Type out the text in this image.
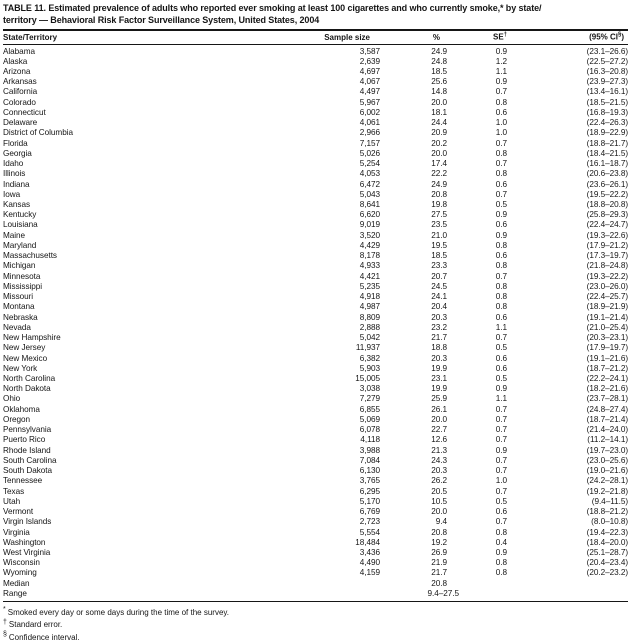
TABLE 11. Estimated prevalence of adults who reported ever smoking at least 100 cigarettes and who currently smoke,* by state/
territory — Behavioral Risk Factor Surveillance System, United States, 2004
State/Territory	Sample size	%	SE†	(95% CI§)
Alabama	3,587	24.9	0.9	(23.1–26.6)
Alaska	2,639	24.8	1.2	(22.5–27.2)
Arizona	4,697	18.5	1.1	(16.3–20.8)
Arkansas	4,067	25.6	0.9	(23.9–27.3)
California	4,497	14.8	0.7	(13.4–16.1)
Colorado	5,967	20.0	0.8	(18.5–21.5)
Connecticut	6,002	18.1	0.6	(16.8–19.3)
Delaware	4,061	24.4	1.0	(22.4–26.3)
District of Columbia	2,966	20.9	1.0	(18.9–22.9)
Florida	7,157	20.2	0.7	(18.8–21.7)
Georgia	5,026	20.0	0.8	(18.4–21.5)
Idaho	5,254	17.4	0.7	(16.1–18.7)
Illinois	4,053	22.2	0.8	(20.6–23.8)
Indiana	6,472	24.9	0.6	(23.6–26.1)
Iowa	5,043	20.8	0.7	(19.5–22.2)
Kansas	8,641	19.8	0.5	(18.8–20.8)
Kentucky	6,620	27.5	0.9	(25.8–29.3)
Louisiana	9,019	23.5	0.6	(22.4–24.7)
Maine	3,520	21.0	0.9	(19.3–22.6)
Maryland	4,429	19.5	0.8	(17.9–21.2)
Massachusetts	8,178	18.5	0.6	(17.3–19.7)
Michigan	4,933	23.3	0.8	(21.8–24.8)
Minnesota	4,421	20.7	0.7	(19.3–22.2)
Mississippi	5,235	24.5	0.8	(23.0–26.0)
Missouri	4,918	24.1	0.8	(22.4–25.7)
Montana	4,987	20.4	0.8	(18.9–21.9)
Nebraska	8,809	20.3	0.6	(19.1–21.4)
Nevada	2,888	23.2	1.1	(21.0–25.4)
New Hampshire	5,042	21.7	0.7	(20.3–23.1)
New Jersey	11,937	18.8	0.5	(17.9–19.7)
New Mexico	6,382	20.3	0.6	(19.1–21.6)
New York	5,903	19.9	0.6	(18.7–21.2)
North Carolina	15,005	23.1	0.5	(22.2–24.1)
North Dakota	3,038	19.9	0.9	(18.2–21.6)
Ohio	7,279	25.9	1.1	(23.7–28.1)
Oklahoma	6,855	26.1	0.7	(24.8–27.4)
Oregon	5,069	20.0	0.7	(18.7–21.4)
Pennsylvania	6,078	22.7	0.7	(21.4–24.0)
Puerto Rico	4,118	12.6	0.7	(11.2–14.1)
Rhode Island	3,988	21.3	0.9	(19.7–23.0)
South Carolina	7,084	24.3	0.7	(23.0–25.6)
South Dakota	6,130	20.3	0.7	(19.0–21.6)
Tennessee	3,765	26.2	1.0	(24.2–28.1)
Texas	6,295	20.5	0.7	(19.2–21.8)
Utah	5,170	10.5	0.5	(9.4–11.5)
Vermont	6,769	20.0	0.6	(18.8–21.2)
Virgin Islands	2,723	9.4	0.7	(8.0–10.8)
Virginia	5,554	20.8	0.8	(19.4–22.3)
Washington	18,484	19.2	0.4	(18.4–20.0)
West Virginia	3,436	26.9	0.9	(25.1–28.7)
Wisconsin	4,490	21.9	0.8	(20.4–23.4)
Wyoming	4,159	21.7	0.8	(20.2–23.2)
Median		20.8		
Range		9.4–27.5		
* Smoked every day or some days during the time of the survey.
† Standard error.
§ Confidence interval.
